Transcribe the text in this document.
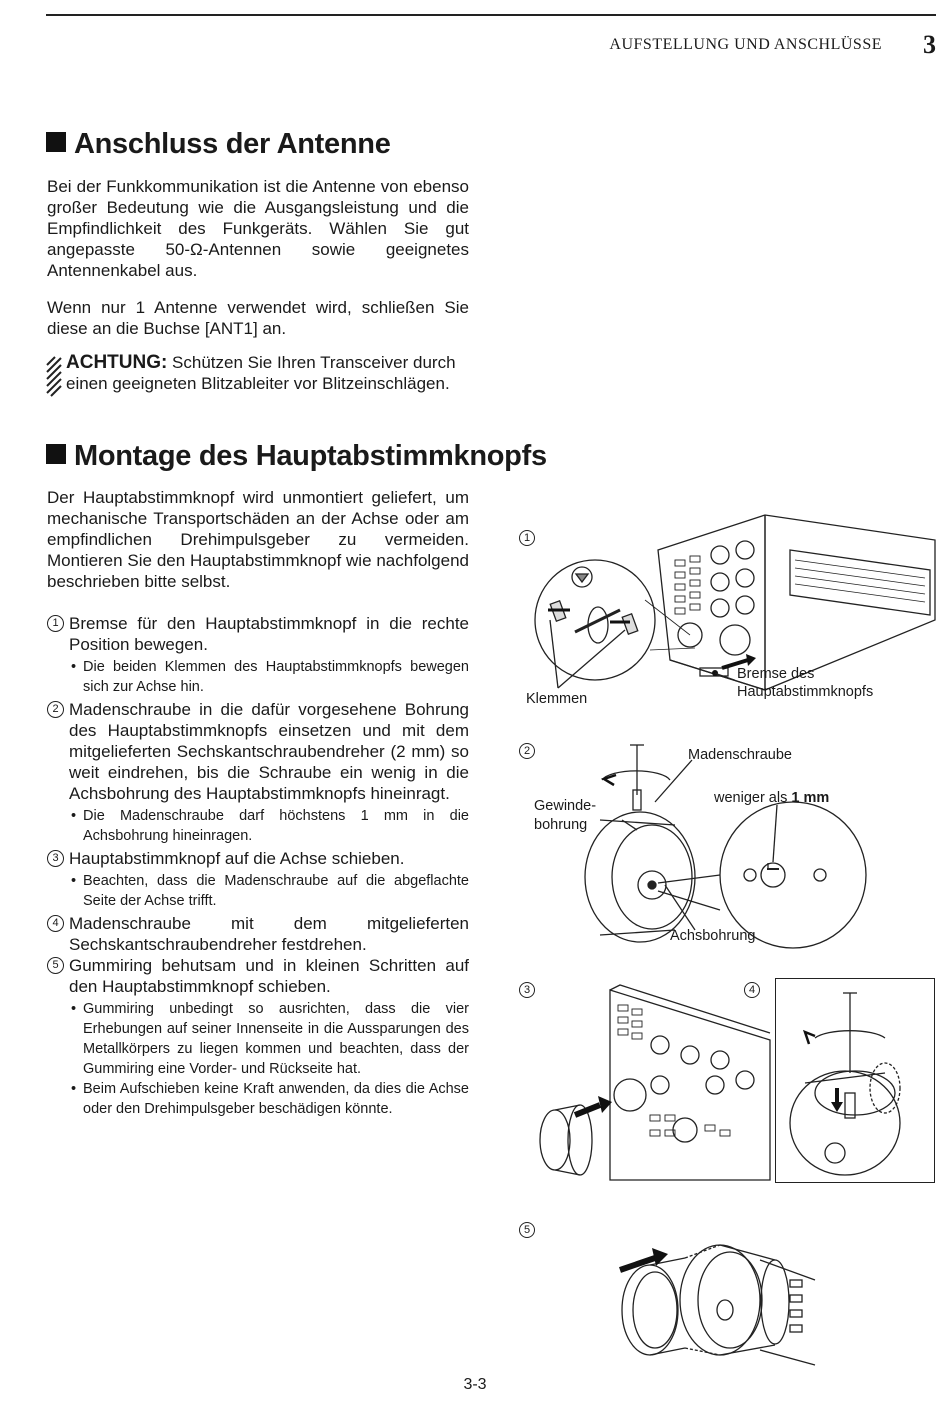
AUFSTELLUNG UND ANSCHLÜSSE 3
Anschluss der Antenne

Bei der Funkkommunikation ist die Antenne von ebenso großer Bedeutung wie die Ausgangsleistung und die Empfindlichkeit des Funkgeräts. Wählen Sie gut angepasste 50-Ω-Antennen sowie geeignetes Antennenkabel aus.

Wenn nur 1 Antenne verwendet wird, schließen Sie diese an die Buchse [ANT1] an.

ACHTUNG: Schützen Sie Ihren Transceiver durch einen geeigneten Blitzableiter vor Blitzeinschlägen.
Montage des Hauptabstimmknopfs

Der Hauptabstimmknopf wird unmontiert geliefert, um mechanische Transportschäden an der Achse oder am empfindlichen Drehimpulsgeber zu vermeiden. Montieren Sie den Hauptabstimmknopf wie nachfolgend beschrieben bitte selbst.

1 Bremse für den Hauptabstimmknopf in die rechte Position bewegen.
• Die beiden Klemmen des Hauptabstimmknopfs bewegen sich zur Achse hin.
2 Madenschraube in die dafür vorgesehene Bohrung des Hauptabstimmknopfs einsetzen und mit dem mitgelieferten Sechskantschraubendreher (2 mm) so weit eindrehen, bis die Schraube ein wenig in die Achsbohrung des Hauptabstimmknopfs hineinragt.
• Die Madenschraube darf höchstens 1 mm in die Achsbohrung hineinragen.
3 Hauptabstimmknopf auf die Achse schieben.
• Beachten, dass die Madenschraube auf die abgeflachte Seite der Achse trifft.
4 Madenschraube mit dem mitgelieferten Sechskantschraubendreher festdrehen.
5 Gummiring behutsam und in kleinen Schritten auf den Hauptabstimmknopf schieben.
• Gummiring unbedingt so ausrichten, dass die vier Erhebungen auf seiner Innenseite in die Aussparungen des Metallkörpers zu liegen kommen und beachten, dass der Gummiring eine Vorder- und Rückseite hat.
• Beim Aufschieben keine Kraft anwenden, da dies die Achse oder den Drehimpulsgeber beschädigen könnte.
1
Klemmen
Bremse des
Hauptabstimmknopfs
2	Madenschraube
Gewinde-
bohrung
weniger als 1 mm
Achsbohrung
3	4
5
3-3
